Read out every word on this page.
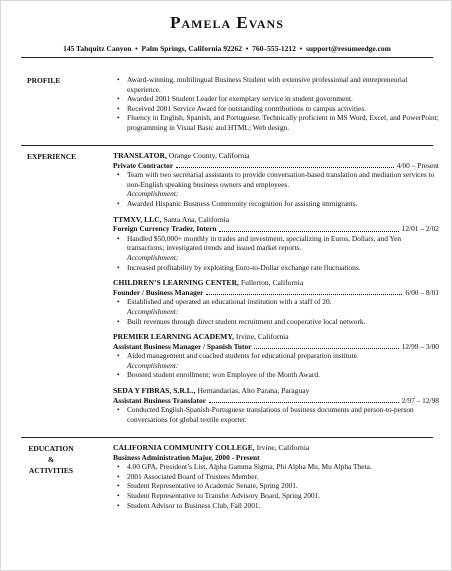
Pamela Evans
145 Tahquitz Canyon  •  Palm Springs, California 92262  •  760–555-1212  •  support@resumeedge.com
PROFILE
•	Award-winning, multilingual Business Student with extensive professional and entrepreneurial experience.
• Awarded 2001 Student Leader for exemplary service in student government.
• Received 2001 Service Award for outstanding contributions to campus activities.
• Fluency in English, Spanish, and Portuguese. Technically proficient in MS Word, Excel, and PowerPoint; programming in Visual Basic and HTML; Web design.
EXPERIENCE	TRANSLATOR, Orange County, California
Private Contractor	4/00 – Present
• Team with two secretarial assistants to provide conversation-based translation and mediation services to non-English speaking business owners and employees.
Accomplishment:
• Awarded Hispanic Business Community recognition for assisting immigrants.
TTMXV, LLC, Santa Ana, California
Foreign Currency Trader, Intern	12/01 – 2/02
• Handled $50,000+ monthly in trades and investment, specializing in Euros, Dollars, and Yen transactions; investigated trends and issued market reports.
Accomplishment:
• Increased profitability by exploiting Euro-to-Dollar exchange rate fluctuations.
CHILDREN’S LEARNING CENTER, Fullerton, California
Founder / Business Manager	6/00 – 8/01
• Established and operated an educational institution with a staff of 20.
Accomplishment:
• Built revenues through direct student recruitment and cooperative local network.
PREMIER LEARNING ACADEMY, Irvine, California
Assistant Business Manager / Spanish Tutor	12/99 – 3/00
• Aided management and coached students for educational preparation institute.
Accomplishment:
• Boosted student enrollment; won Employee of the Month Award.
SEDA Y FIBRAS, S.R.L., Hernandarias, Alto Parana, Paraguay
Assistant Business Translator	2/97 – 12/98
• Conducted English-Spanish-Portuguese translations of business documents and person-to-person conversations for global textile exporter.
EDUCATION
&
ACTIVITIES
CALIFORNIA COMMUNITY COLLEGE, Irvine, California
Business Administration Major, 2000 - Present
• 4.00 GPA, President’s List, Alpha Gamma Sigma, Phi Alpha Mu, Mu Alpha Theta.
• 2001 Associated Board of Trustees Member.
• Student Representative to Academic Senate, Spring 2001.
• Student Representative to Transfer Advisory Board, Spring 2001.
• Student Advisor to Business Club, Fall 2001.
